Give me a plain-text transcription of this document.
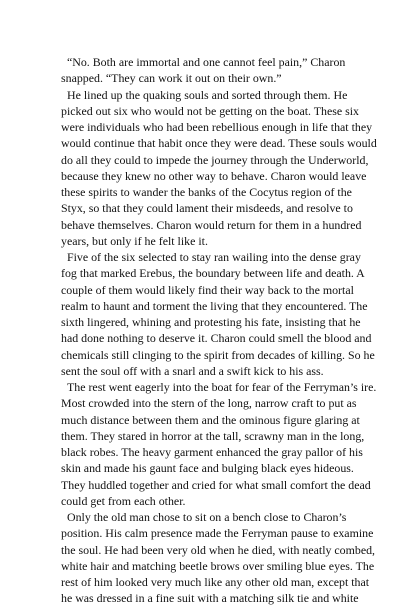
“No. Both are immortal and one cannot feel pain,” Charon snapped. “They can work it out on their own.”

He lined up the quaking souls and sorted through them. He picked out six who would not be getting on the boat. These six were individuals who had been rebellious enough in life that they would continue that habit once they were dead. These souls would do all they could to impede the journey through the Underworld, because they knew no other way to behave. Charon would leave these spirits to wander the banks of the Cocytus region of the Styx, so that they could lament their misdeeds, and resolve to behave themselves. Charon would return for them in a hundred years, but only if he felt like it.

Five of the six selected to stay ran wailing into the dense gray fog that marked Erebus, the boundary between life and death. A couple of them would likely find their way back to the mortal realm to haunt and torment the living that they encountered. The sixth lingered, whining and protesting his fate, insisting that he had done nothing to deserve it. Charon could smell the blood and chemicals still clinging to the spirit from decades of killing. So he sent the soul off with a snarl and a swift kick to his ass.

The rest went eagerly into the boat for fear of the Ferryman’s ire. Most crowded into the stern of the long, narrow craft to put as much distance between them and the ominous figure glaring at them. They stared in horror at the tall, scrawny man in the long, black robes. The heavy garment enhanced the gray pallor of his skin and made his gaunt face and bulging black eyes hideous. They huddled together and cried for what small comfort the dead could get from each other.

Only the old man chose to sit on a bench close to Charon’s position. His calm presence made the Ferryman pause to examine the soul. He had been very old when he died, with neatly combed, white hair and matching beetle brows over smiling blue eyes. The rest of him looked very much like any other old man, except that he was dressed in a fine suit with a matching silk tie and white
